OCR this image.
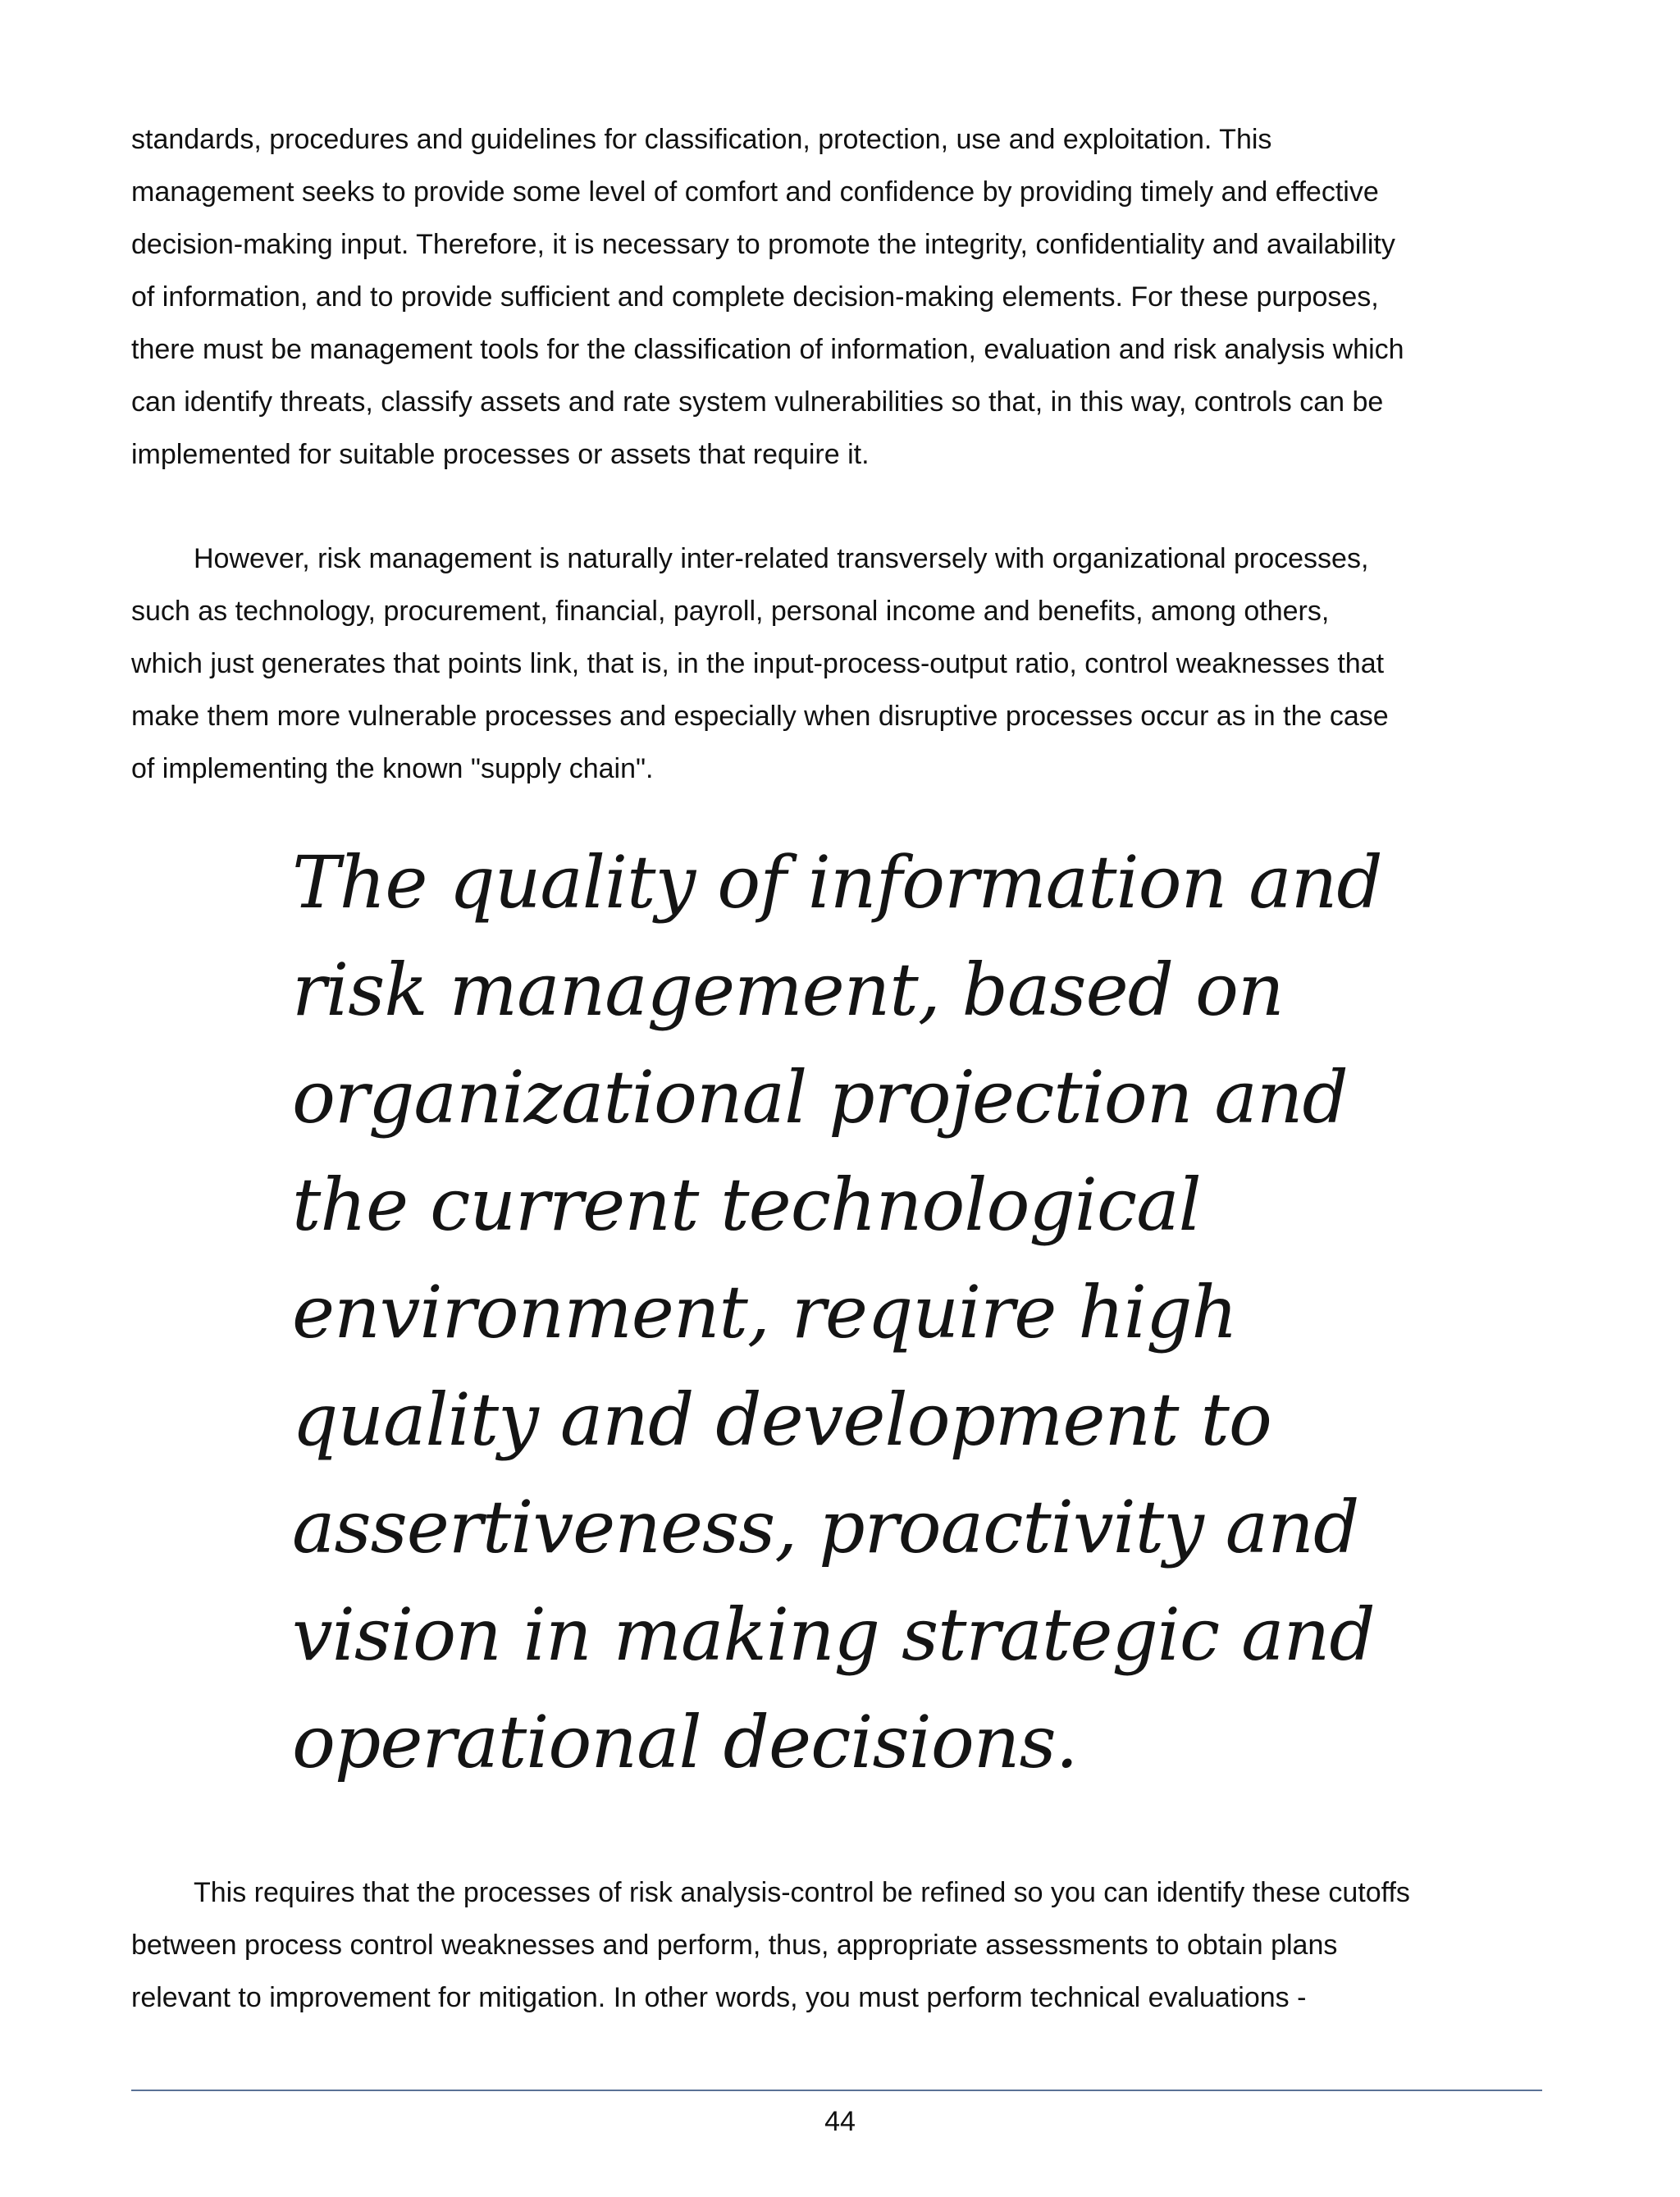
standards, procedures and guidelines for classification, protection, use and exploitation. This
management seeks to provide some level of comfort and confidence by providing timely and effective
decision-making input. Therefore, it is necessary to promote the integrity, confidentiality and availability
of information, and to provide sufficient and complete decision-making elements. For these purposes,
there must be management tools for the classification of information, evaluation and risk analysis which
can identify threats, classify assets and rate system vulnerabilities so that, in this way, controls can be
implemented for suitable processes or assets that require it.

However, risk management is naturally inter-related transversely with organizational processes,
such as technology, procurement, financial, payroll, personal income and benefits, among others,
which just generates that points link, that is, in the input-process-output ratio, control weaknesses that
make them more vulnerable processes and especially when disruptive processes occur as in the case
of implementing the known "supply chain".

The quality of information and
risk management, based on
organizational projection and
the current technological
environment, require high
quality and development to
assertiveness, proactivity and
vision in making strategic and
operational decisions.

This requires that the processes of risk analysis-control be refined so you can identify these cutoffs
between process control weaknesses and perform, thus, appropriate assessments to obtain plans
relevant to improvement for mitigation. In other words, you must perform technical evaluations -

44
